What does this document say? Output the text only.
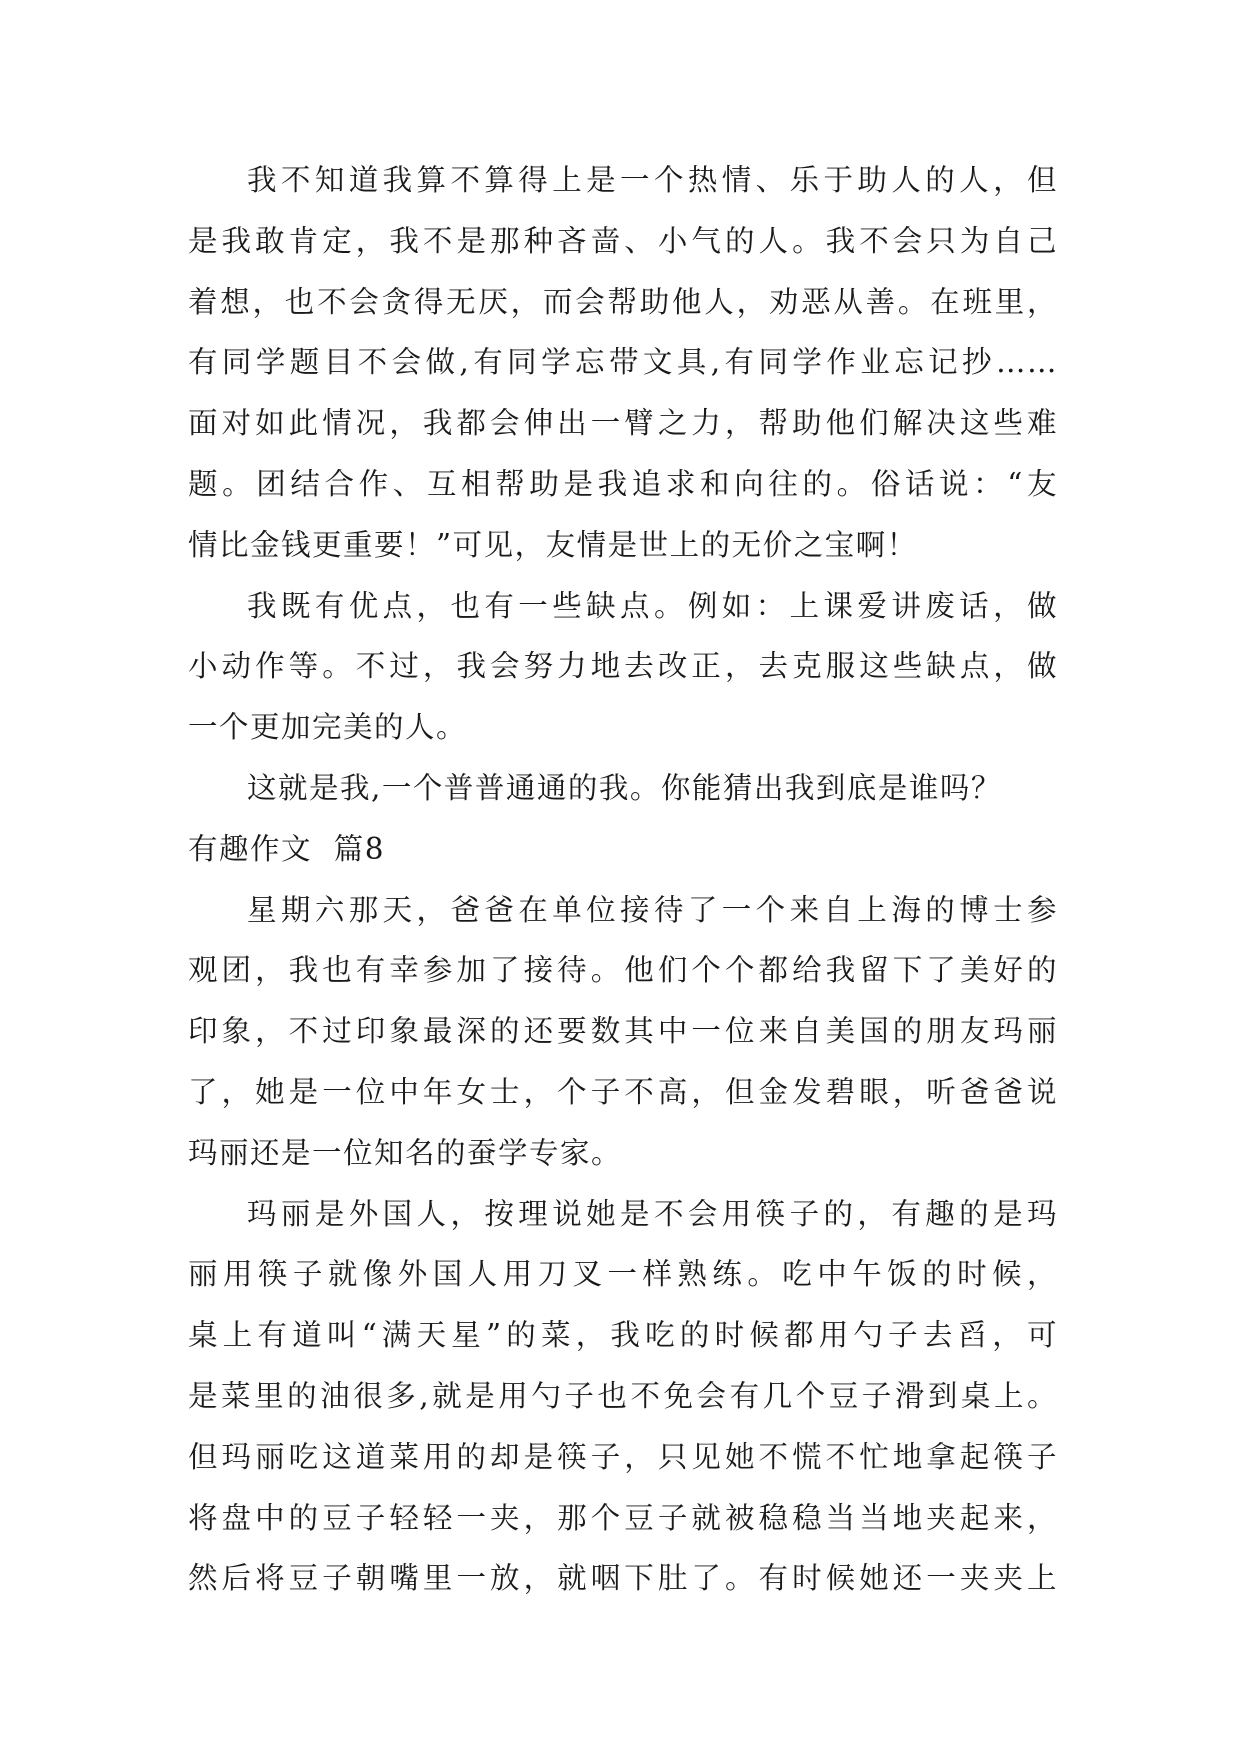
我不知道我算不算得上是一个热情、乐于助人的人，但
是我敢肯定，我不是那种吝啬、小气的人。我不会只为自己
着想，也不会贪得无厌，而会帮助他人，劝恶从善。在班里，
有同学题目不会做,有同学忘带文具,有同学作业忘记抄……
面对如此情况，我都会伸出一臂之力，帮助他们解决这些难
题。团结合作、互相帮助是我追求和向往的。俗话说：“友
情比金钱更重要！”可见，友情是世上的无价之宝啊！
我既有优点，也有一些缺点。例如：上课爱讲废话，做
小动作等。不过，我会努力地去改正，去克服这些缺点，做
一个更加完美的人。
这就是我,一个普普通通的我。你能猜出我到底是谁吗？
有趣作文  篇8
星期六那天，爸爸在单位接待了一个来自上海的博士参
观团，我也有幸参加了接待。他们个个都给我留下了美好的
印象，不过印象最深的还要数其中一位来自美国的朋友玛丽
了，她是一位中年女士，个子不高，但金发碧眼，听爸爸说
玛丽还是一位知名的蚕学专家。
玛丽是外国人，按理说她是不会用筷子的，有趣的是玛
丽用筷子就像外国人用刀叉一样熟练。吃中午饭的时候，
桌上有道叫“满天星”的菜，我吃的时候都用勺子去舀，可
是菜里的油很多,就是用勺子也不免会有几个豆子滑到桌上。
但玛丽吃这道菜用的却是筷子，只见她不慌不忙地拿起筷子
将盘中的豆子轻轻一夹，那个豆子就被稳稳当当地夹起来，
然后将豆子朝嘴里一放，就咽下肚了。有时候她还一夹夹上
